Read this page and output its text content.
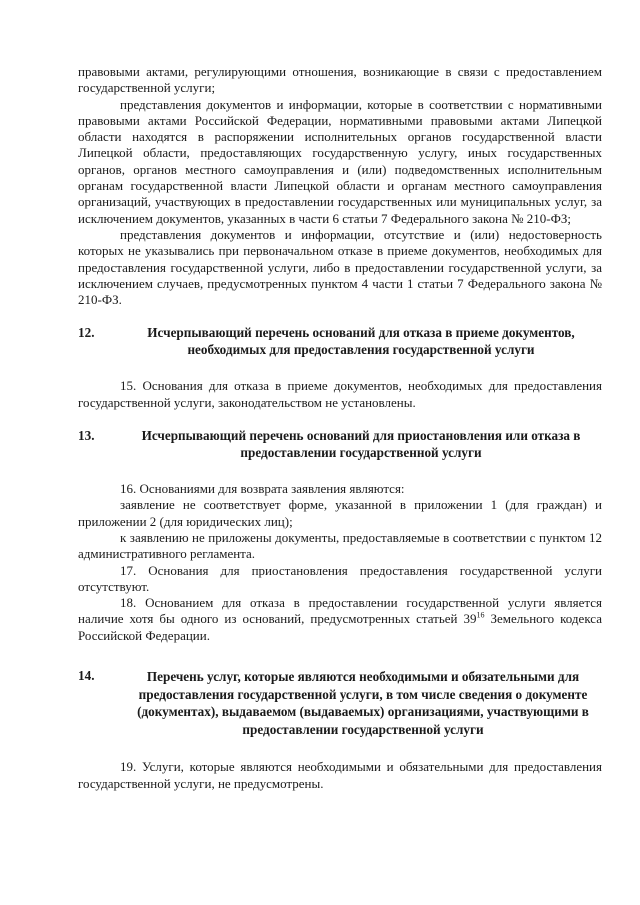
правовыми актами, регулирующими отношения, возникающие в связи с предоставлением государственной услуги;

представления документов и информации, которые в соответствии с нормативными правовыми актами Российской Федерации, нормативными правовыми актами Липецкой области находятся в распоряжении исполнительных органов государственной власти Липецкой области, предоставляющих государственную услугу, иных государственных органов, органов местного самоуправления и (или) подведомственных исполнительным органам государственной власти Липецкой области и органам местного самоуправления организаций, участвующих в предоставлении государственных или муниципальных услуг, за исключением документов, указанных в части 6 статьи 7 Федерального закона № 210-ФЗ;

представления документов и информации, отсутствие и (или) недостоверность которых не указывались при первоначальном отказе в приеме документов, необходимых для предоставления государственной услуги, либо в предоставлении государственной услуги, за исключением случаев, предусмотренных пунктом 4 части 1 статьи 7 Федерального закона № 210-ФЗ.

12.	Исчерпывающий перечень оснований для отказа в приеме документов, необходимых для предоставления государственной услуги

15. Основания для отказа в приеме документов, необходимых для предоставления государственной услуги, законодательством не установлены.

13.	Исчерпывающий перечень оснований для приостановления или отказа в предоставлении государственной услуги

16. Основаниями для возврата заявления являются:

заявление не соответствует форме, указанной в приложении 1 (для граждан) и приложении 2 (для юридических лиц);

к заявлению не приложены документы, предоставляемые в соответствии с пунктом 12 административного регламента.

17. Основания для приостановления предоставления государственной услуги отсутствуют.

18. Основанием для отказа в предоставлении государственной услуги является наличие хотя бы одного из оснований, предусмотренных статьей $39^{16}$ Земельного кодекса Российской Федерации.

14.	Перечень услуг, которые являются необходимыми и обязательными для предоставления государственной услуги, в том числе сведения о документе (документах), выдаваемом (выдаваемых) организациями, участвующими в предоставлении государственной услуги

19. Услуги, которые являются необходимыми и обязательными для предоставления государственной услуги, не предусмотрены.
